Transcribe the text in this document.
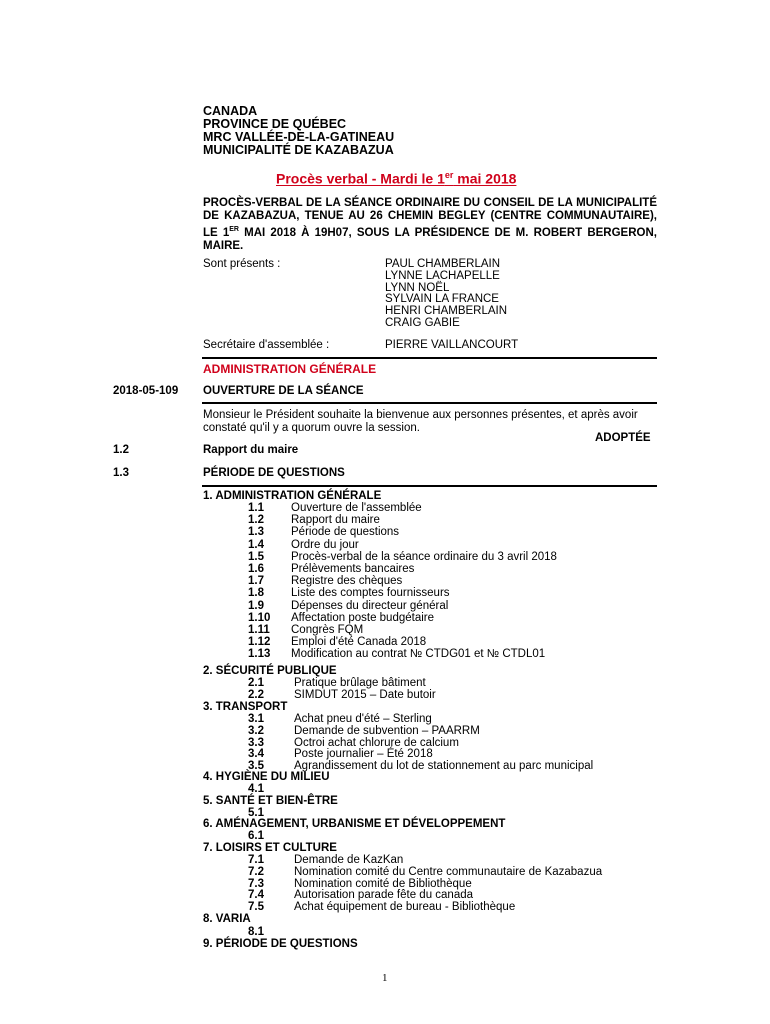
CANADA
PROVINCE DE QUÉBEC
MRC VALLÉE-DE-LA-GATINEAU
MUNICIPALITÉ DE KAZABAZUA
Procès verbal - Mardi le 1er mai 2018
PROCÈS-VERBAL DE LA SÉANCE ORDINAIRE DU CONSEIL DE LA MUNICIPALITÉ DE KAZABAZUA, TENUE AU 26 CHEMIN BEGLEY (CENTRE COMMUNAUTAIRE), LE 1ER MAI 2018 À 19H07, SOUS LA PRÉSIDENCE DE M. ROBERT BERGERON, MAIRE.
Sont présents :	PAUL CHAMBERLAIN
LYNNE LACHAPELLE
LYNN NOËL
SYLVAIN LA FRANCE
HENRI CHAMBERLAIN
CRAIG GABIE
Secrétaire d'assemblée :	PIERRE VAILLANCOURT
ADMINISTRATION GÉNÉRALE
2018-05-109 OUVERTURE DE LA SÉANCE
Monsieur le Président souhaite la bienvenue aux personnes présentes, et après avoir constaté qu'il y a quorum ouvre la session.
ADOPTÉE
1.2	Rapport du maire
1.3	PÉRIODE DE QUESTIONS
1. ADMINISTRATION GÉNÉRALE
1.1 Ouverture de l'assemblée
1.2 Rapport du maire
1.3 Période de questions
1.4 Ordre du jour
1.5 Procès-verbal de la séance ordinaire du 3 avril 2018
1.6 Prélèvements bancaires
1.7 Registre des chèques
1.8 Liste des comptes fournisseurs
1.9 Dépenses du directeur général
1.10 Affectation poste budgétaire
1.11 Congrès FQM
1.12 Emploi d'été Canada 2018
1.13 Modification au contrat № CTDG01 et № CTDL01
2. SÉCURITÉ PUBLIQUE
2.1	Pratique brûlage bâtiment
2.2	SIMDUT 2015 – Date butoir
3. TRANSPORT
3.1	Achat pneu d'été – Sterling
3.2	Demande de subvention – PAARRM
3.3	Octroi achat chlorure de calcium
3.4	Poste journalier – Été 2018
3.5	Agrandissement du lot de stationnement au parc municipal
4. HYGIÈNE DU MILIEU
4.1
5. SANTÉ ET BIEN-ÊTRE
5.1
6. AMÉNAGEMENT, URBANISME ET DÉVELOPPEMENT
6.1
7. LOISIRS ET CULTURE
7.1	Demande de KazKan
7.2	Nomination comité du Centre communautaire de Kazabazua
7.3	Nomination comité de Bibliothèque
7.4	Autorisation parade fête du canada
7.5	Achat équipement de bureau - Bibliothèque
8. VARIA
8.1
9. PÉRIODE DE QUESTIONS
1
